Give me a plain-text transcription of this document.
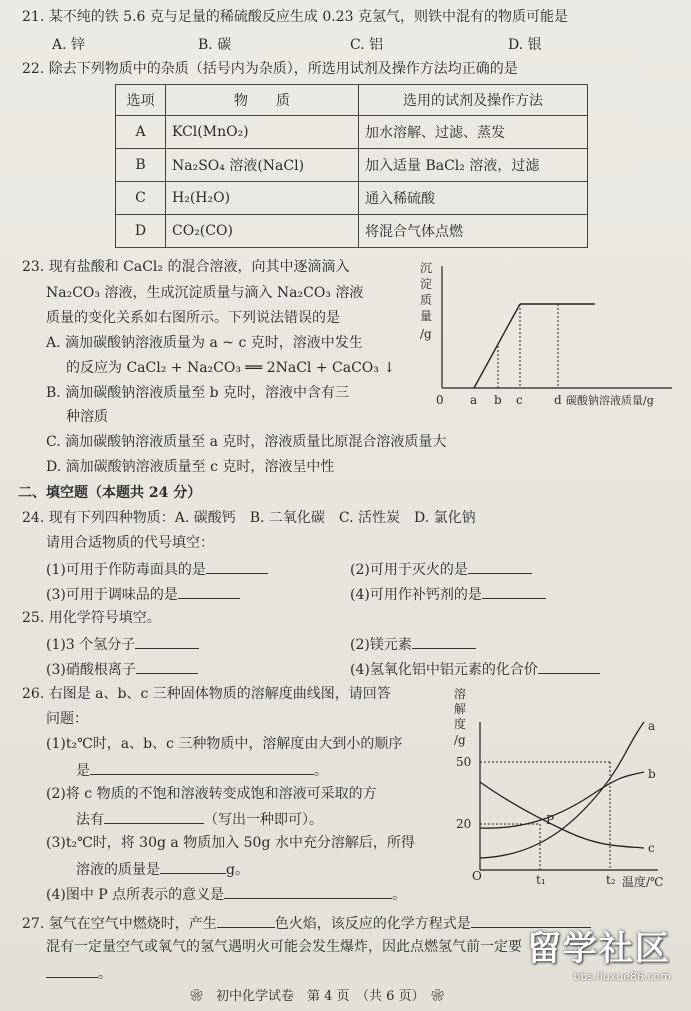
21. 某不纯的铁 5.6 克与足量的稀硫酸反应生成 0.23 克氢气，则铁中混有的物质可能是
A. 锌	B. 碳	C. 铝	D. 银
22. 除去下列物质中的杂质（括号内为杂质），所选用试剂及操作方法均正确的是
选项	物　　质	选用的试剂及操作方法
A	KCl(MnO₂)	加水溶解、过滤、蒸发
B	Na₂SO₄ 溶液(NaCl)	加入适量 BaCl₂ 溶液，过滤
C	H₂(H₂O)	通入稀硫酸
D	CO₂(CO)	将混合气体点燃
23. 现有盐酸和 CaCl₂ 的混合溶液，向其中逐滴滴入
Na₂CO₃ 溶液，生成沉淀质量与滴入 Na₂CO₃ 溶液
质量的变化关系如右图所示。下列说法错误的是
A. 滴加碳酸钠溶液质量为 a ~ c 克时，溶液中发生
的反应为 CaCl₂ + Na₂CO₃ ══ 2NaCl + CaCO₃ ↓
B. 滴加碳酸钠溶液质量至 b 克时，溶液中含有三
种溶质
C. 滴加碳酸钠溶液质量至 a 克时，溶液质量比原混合溶液质量大
D. 滴加碳酸钠溶液质量至 c 克时，溶液呈中性
沉
淀
质
量
/g
0 a b c	d 碳酸钠溶液质量/g
二、填空题（本题共 24 分）
24. 现有下列四种物质：A. 碳酸钙　B. 二氧化碳　C. 活性炭　D. 氯化钠
请用合适物质的代号填空：
(1)可用于作防毒面具的是	(2)可用于灭火的是
(3)可用于调味品的是	(4)可用作补钙剂的是
25. 用化学符号填空。
(1)3 个氢分子	(2)镁元素
(3)硝酸根离子	(4)氢氧化铝中铝元素的化合价
26. 右图是 a、b、c 三种固体物质的溶解度曲线图，请回答
问题：
(1)t₂℃时，a、b、c 三种物质中，溶解度由大到小的顺序
是	。
(2)将 c 物质的不饱和溶液转变成饱和溶液可采取的方
法有	（写出一种即可）。
(3)t₂℃时，将 30g a 物质加入 50g 水中充分溶解后，所得
溶液的质量是	g。
(4)图中 P 点所表示的意义是	。
溶
解
度
/g
50
20
O	t₁	t₂ 温度/℃
a
b
c
P
27. 氢气在空气中燃烧时，产生	色火焰，该反应的化学方程式是
混有一定量空气或氧气的氢气遇明火可能会发生爆炸，因此点燃氢气前一定要
。
❀　初中化学试卷　第 4 页　（共 6 页）　❀
留学社区
bbs.liuxue86.com
